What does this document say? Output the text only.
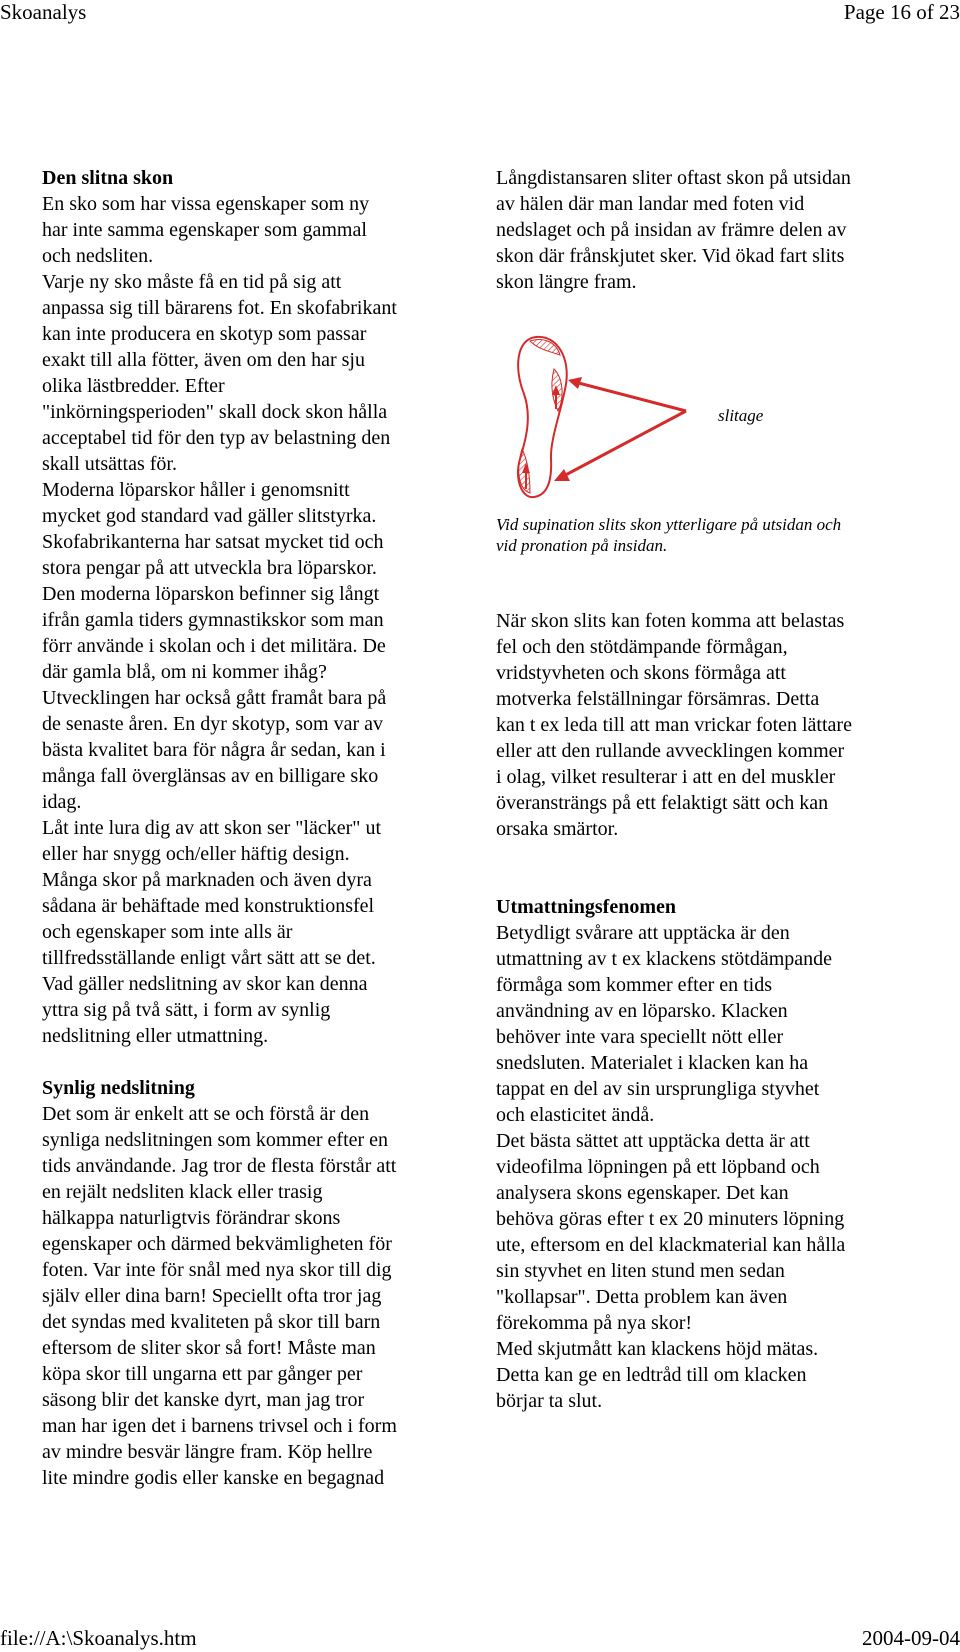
Skoanalys	Page 16 of 23
Den slitna skon

En sko som har vissa egenskaper som ny
har inte samma egenskaper som gammal
och nedsliten.
Varje ny sko måste få en tid på sig att
anpassa sig till bärarens fot. En skofabrikant
kan inte producera en skotyp som passar
exakt till alla fötter, även om den har sju
olika lästbredder. Efter
"inkörningsperioden" skall dock skon hålla
acceptabel tid för den typ av belastning den
skall utsättas för.
Moderna löparskor håller i genomsnitt
mycket god standard vad gäller slitstyrka.
Skofabrikanterna har satsat mycket tid och
stora pengar på att utveckla bra löparskor.
Den moderna löparskon befinner sig långt
ifrån gamla tiders gymnastikskor som man
förr använde i skolan och i det militära. De
där gamla blå, om ni kommer ihåg?
Utvecklingen har också gått framåt bara på
de senaste åren. En dyr skotyp, som var av
bästa kvalitet bara för några år sedan, kan i
många fall överglänsas av en billigare sko
idag.
Låt inte lura dig av att skon ser "läcker" ut
eller har snygg och/eller häftig design.
Många skor på marknaden och även dyra
sådana är behäftade med konstruktionsfel
och egenskaper som inte alls är
tillfredsställande enligt vårt sätt att se det.
Vad gäller nedslitning av skor kan denna
yttra sig på två sätt, i form av synlig
nedslitning eller utmattning.

Synlig nedslitning

Det som är enkelt att se och förstå är den
synliga nedslitningen som kommer efter en
tids användande. Jag tror de flesta förstår att
en rejält nedsliten klack eller trasig
hälkappa naturligtvis förändrar skons
egenskaper och därmed bekvämligheten för
foten. Var inte för snål med nya skor till dig
själv eller dina barn! Speciellt ofta tror jag
det syndas med kvaliteten på skor till barn
eftersom de sliter skor så fort! Måste man
köpa skor till ungarna ett par gånger per
säsong blir det kanske dyrt, man jag tror
man har igen det i barnens trivsel och i form
av mindre besvär längre fram. Köp hellre
lite mindre godis eller kanske en begagnad

Långdistansaren sliter oftast skon på utsidan
av hälen där man landar med foten vid
nedslaget och på insidan av främre delen av
skon där frånskjutet sker. Vid ökad fart slits
skon längre fram.

slitage

Vid supination slits skon ytterligare på utsidan och
vid pronation på insidan.

När skon slits kan foten komma att belastas
fel och den stötdämpande förmågan,
vridstyvheten och skons förmåga att
motverka felställningar försämras. Detta
kan t ex leda till att man vrickar foten lättare
eller att den rullande avvecklingen kommer
i olag, vilket resulterar i att en del muskler
överansträngs på ett felaktigt sätt och kan
orsaka smärtor.

Utmattningsfenomen

Betydligt svårare att upptäcka är den
utmattning av t ex klackens stötdämpande
förmåga som kommer efter en tids
användning av en löparsko. Klacken
behöver inte vara speciellt nött eller
snedsluten. Materialet i klacken kan ha
tappat en del av sin ursprungliga styvhet
och elasticitet ändå.
Det bästa sättet att upptäcka detta är att
videofilma löpningen på ett löpband och
analysera skons egenskaper. Det kan
behöva göras efter t ex 20 minuters löpning
ute, eftersom en del klackmaterial kan hålla
sin styvhet en liten stund men sedan
"kollapsar". Detta problem kan även
förekomma på nya skor!
Med skjutmått kan klackens höjd mätas.
Detta kan ge en ledtråd till om klacken
börjar ta slut.

file://A:\Skoanalys.htm	2004-09-04
